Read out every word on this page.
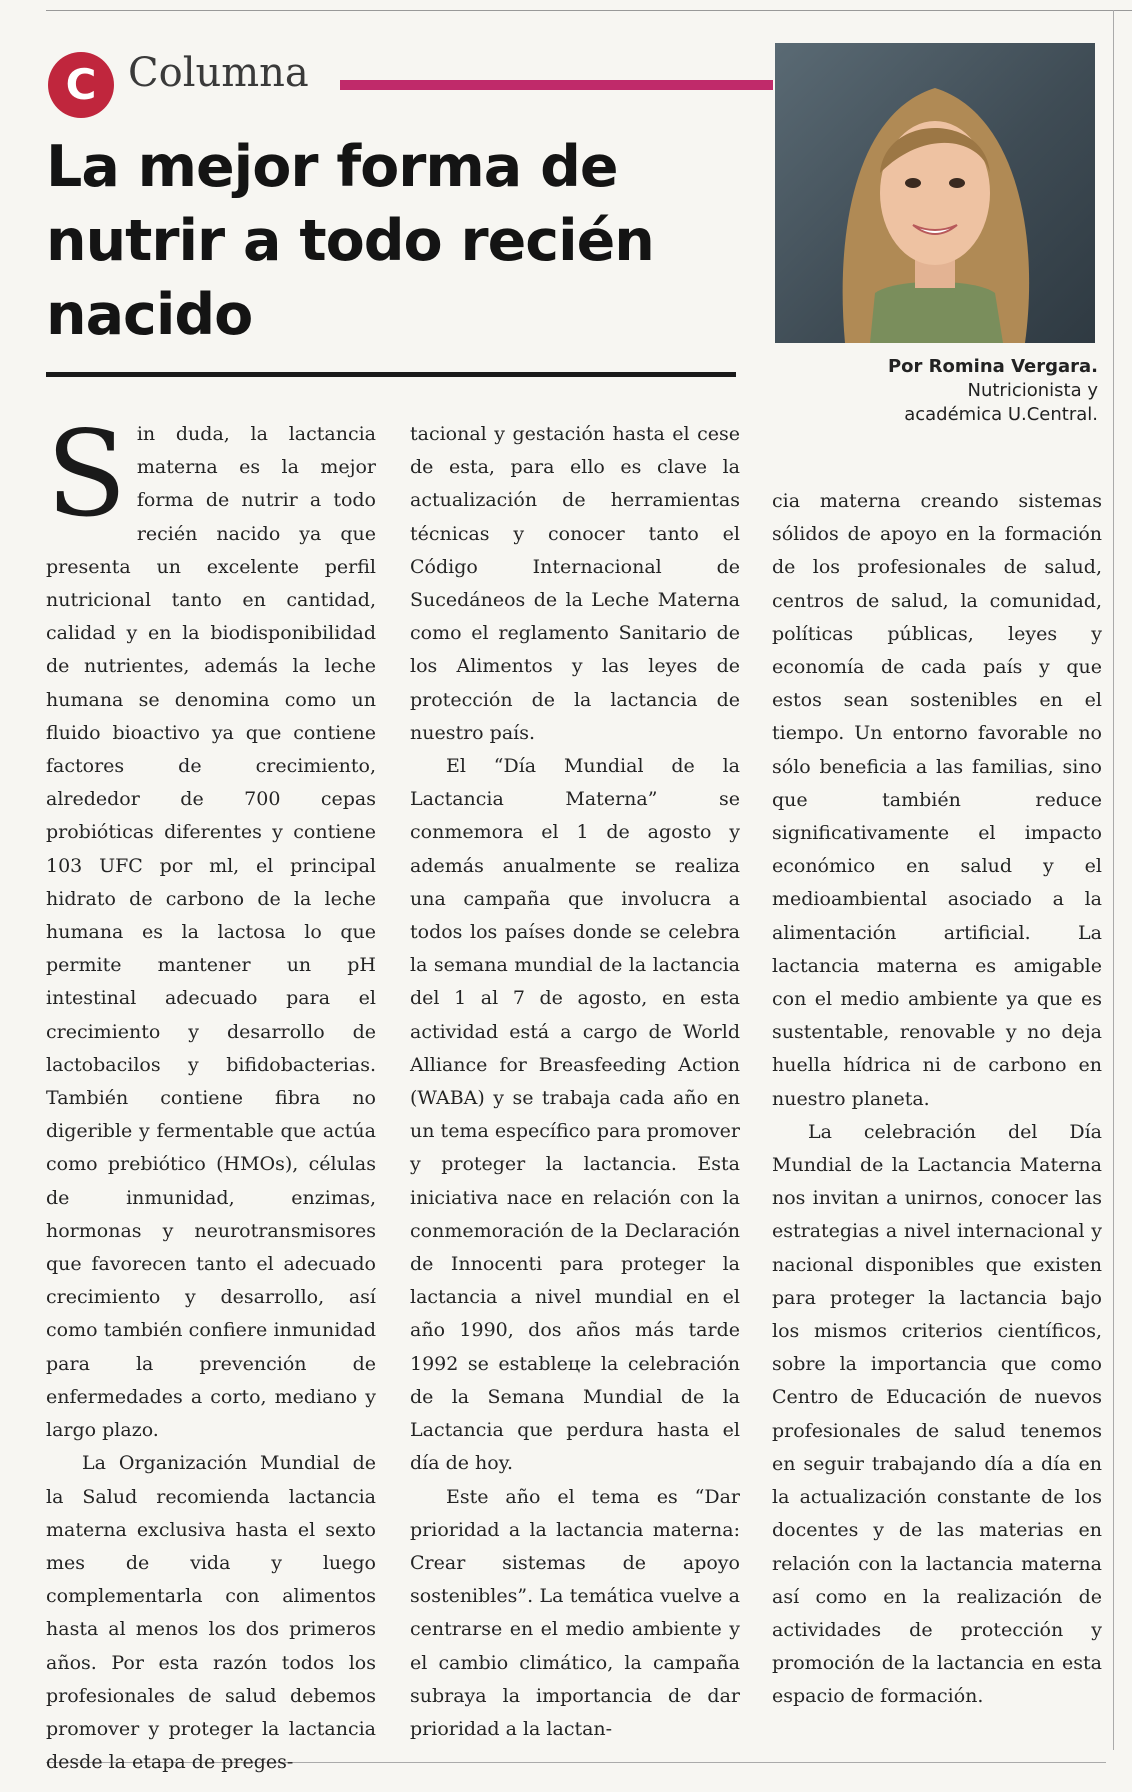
C Columna
La mejor forma de nutrir a todo recién nacido
Por Romina Vergara.
Nutricionista y
académica U.Central.

Sin duda, la lactancia materna es la mejor forma de nutrir a todo recién nacido ya que presenta un excelente perfil nutricional tanto en cantidad, calidad y en la biodisponibilidad de nutrientes, además la leche humana se denomina como un fluido bioactivo ya que contiene factores de crecimiento, alrededor de 700 cepas probióticas diferentes y contiene 103 UFC por ml, el principal hidrato de carbono de la leche humana es la lactosa lo que permite mantener un pH intestinal adecuado para el crecimiento y desarrollo de lactobacilos y bifidobacterias. También contiene fibra no digerible y fermentable que actúa como prebiótico (HMOs), células de inmunidad, enzimas, hormonas y neurotransmisores que favorecen tanto el adecuado crecimiento y desarrollo, así como también confiere inmunidad para la prevención de enfermedades a corto, mediano y largo plazo.

La Organización Mundial de la Salud recomienda lactancia materna exclusiva hasta el sexto mes de vida y luego complementarla con alimentos hasta al menos los dos primeros años. Por esta razón todos los profesionales de salud debemos promover y proteger la lactancia desde la etapa de preges-

tacional y gestación hasta el cese de esta, para ello es clave la actualización de herramientas técnicas y conocer tanto el Código Internacional de Sucedáneos de la Leche Materna como el reglamento Sanitario de los Alimentos y las leyes de protección de la lactancia de nuestro país.

El “Día Mundial de la Lactancia Materna” se conmemora el 1 de agosto y además anualmente se realiza una campaña que involucra a todos los países donde se celebra la semana mundial de la lactancia del 1 al 7 de agosto, en esta actividad está a cargo de World Alliance for Breasfeeding Action (WABA) y se trabaja cada año en un tema específico para promover y proteger la lactancia. Esta iniciativa nace en relación con la conmemoración de la Declaración de Innocenti para proteger la lactancia a nivel mundial en el año 1990, dos años más tarde 1992 se estableце la celebración de la Semana Mundial de la Lactancia que perdura hasta el día de hoy.

Este año el tema es “Dar prioridad a la lactancia materna: Crear sistemas de apoyo sostenibles”. La temática vuelve a centrarse en el medio ambiente y el cambio climático, la campaña subraya la importancia de dar prioridad a la lactan-

cia materna creando sistemas sólidos de apoyo en la formación de los profesionales de salud, centros de salud, la comunidad, políticas públicas, leyes y economía de cada país y que estos sean sostenibles en el tiempo. Un entorno favorable no sólo beneficia a las familias, sino que también reduce significativamente el impacto económico en salud y el medioambiental asociado a la alimentación artificial. La lactancia materna es amigable con el medio ambiente ya que es sustentable, renovable y no deja huella hídrica ni de carbono en nuestro planeta.

La celebración del Día Mundial de la Lactancia Materna nos invitan a unirnos, conocer las estrategias a nivel internacional y nacional disponibles que existen para proteger la lactancia bajo los mismos criterios científicos, sobre la importancia que como Centro de Educación de nuevos profesionales de salud tenemos en seguir trabajando día a día en la actualización constante de los docentes y de las materias en relación con la lactancia materna así como en la realización de actividades de protección y promoción de la lactancia en esta espacio de formación.
